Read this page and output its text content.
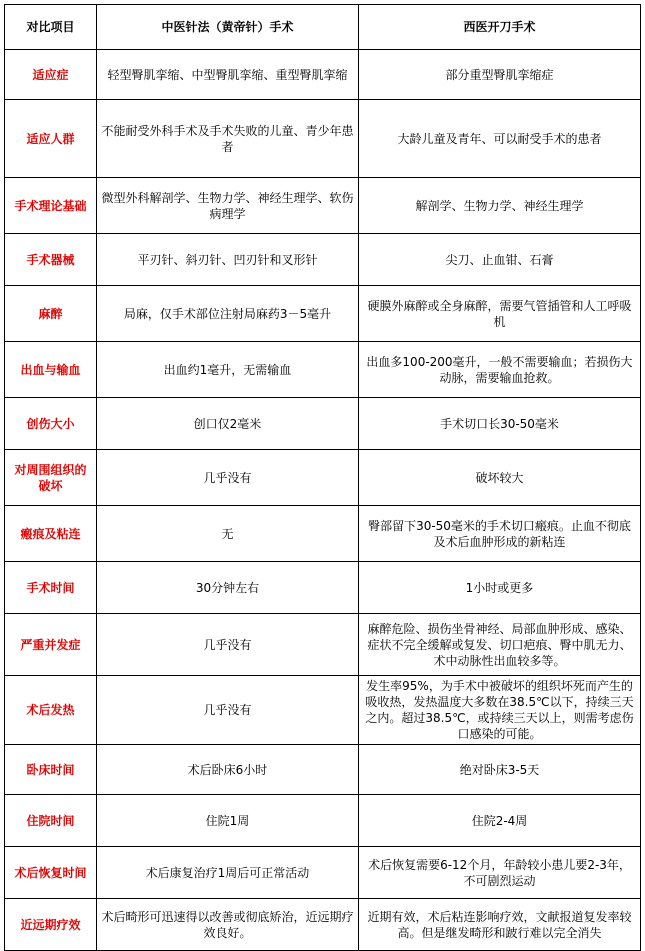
对比项目	中医针法（黄帝针）手术	西医开刀手术
适应症	轻型臀肌挛缩、中型臀肌挛缩、重型臀肌挛缩	部分重型臀肌挛缩症
适应人群	不能耐受外科手术及手术失败的儿童、青少年患者	大龄儿童及青年、可以耐受手术的患者
手术理论基础	微型外科解剖学、生物力学、神经生理学、软伤病理学	解剖学、生物力学、神经生理学
手术器械	平刃针、斜刃针、凹刃针和叉形针	尖刀、止血钳、石膏
麻醉	局麻，仅手术部位注射局麻药3－5毫升	硬膜外麻醉或全身麻醉，需要气管插管和人工呼吸机
出血与输血	出血约1毫升，无需输血	出血多100-200毫升，一般不需要输血；若损伤大动脉，需要输血抢救。
创伤大小	创口仅2毫米	手术切口长30-50毫米
对周围组织的破坏	几乎没有	破坏较大
瘢痕及粘连	无	臀部留下30-50毫米的手术切口瘢痕。止血不彻底及术后血肿形成的新粘连
手术时间	30分钟左右	1小时或更多
严重并发症	几乎没有	麻醉危险、损伤坐骨神经、局部血肿形成、感染、症状不完全缓解或复发、切口疤痕、臀中肌无力、术中动脉性出血较多等。
术后发热	几乎没有	发生率95%，为手术中被破坏的组织坏死而产生的吸收热，发热温度大多数在38.5℃以下，持续三天之内。超过38.5℃，或持续三天以上，则需考虑伤口感染的可能。
卧床时间	术后卧床6小时	绝对卧床3-5天
住院时间	住院1周	住院2-4周
术后恢复时间	术后康复治疗1周后可正常活动	术后恢复需要6-12个月，年龄较小患儿要2-3年，不可剧烈运动
近远期疗效	术后畸形可迅速得以改善或彻底矫治，近远期疗效良好。	近期有效，术后粘连影响疗效，文献报道复发率较高。但是继发畸形和跛行难以完全消失
